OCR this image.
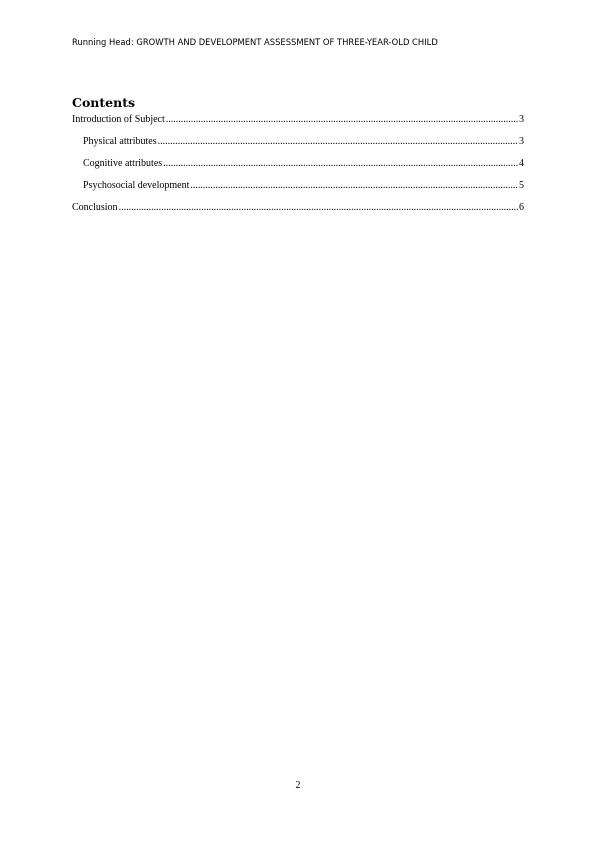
Running Head: GROWTH AND DEVELOPMENT ASSESSMENT OF THREE-YEAR-OLD CHILD
Contents
Introduction of Subject .....	3
Physical attributes .....	3
Cognitive attributes .....	4
Psychosocial development .....	5
Conclusion .....	6
2
